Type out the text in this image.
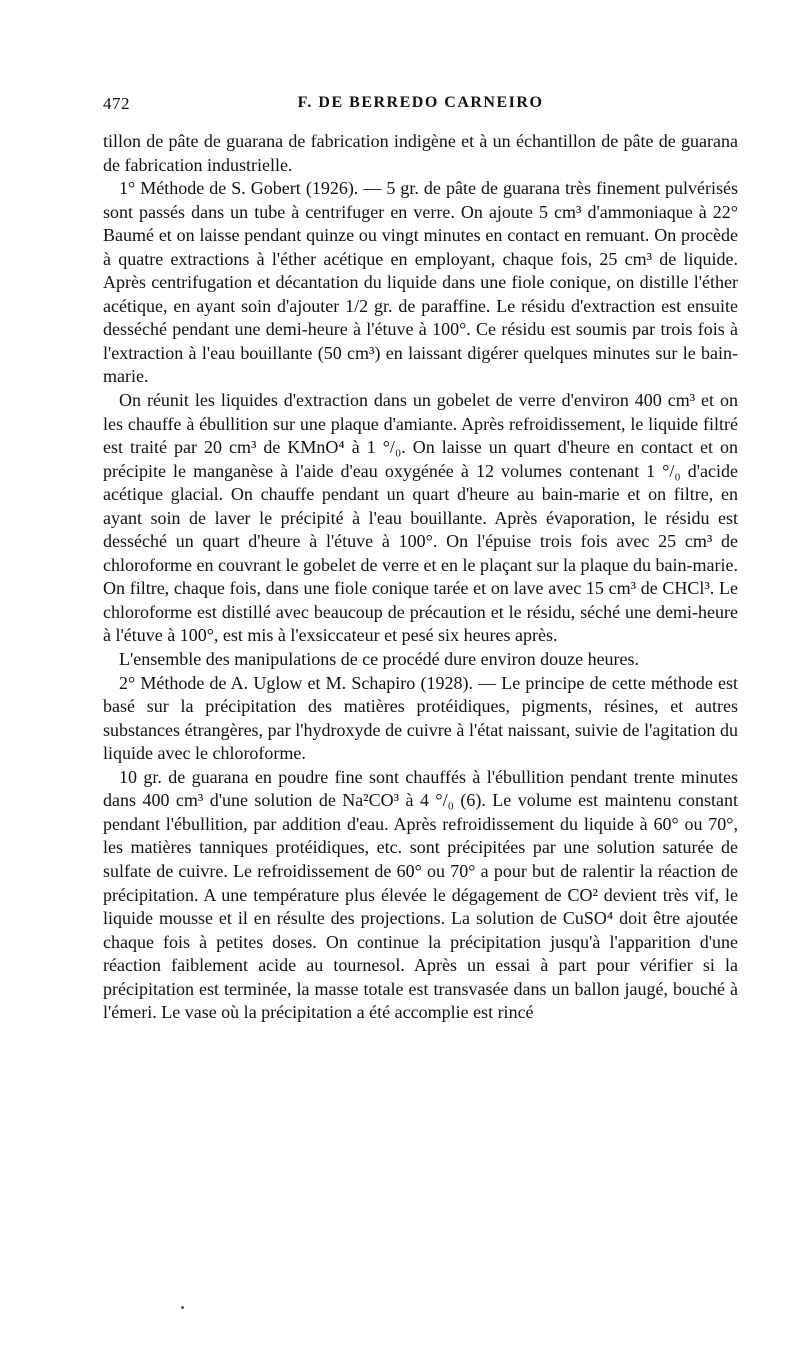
472	F. DE BERREDO CARNEIRO

tillon de pâte de guarana de fabrication indigène et à un échantillon de pâte de guarana de fabrication industrielle.

1° Méthode de S. Gobert (1926). — 5 gr. de pâte de guarana très finement pulvérisés sont passés dans un tube à centrifuger en verre. On ajoute 5 cm³ d'ammoniaque à 22° Baumé et on laisse pendant quinze ou vingt minutes en contact en remuant. On procède à quatre extractions à l'éther acétique en employant, chaque fois, 25 cm³ de liquide. Après centrifugation et décantation du liquide dans une fiole conique, on distille l'éther acétique, en ayant soin d'ajouter 1/2 gr. de paraffine. Le résidu d'extraction est ensuite desséché pendant une demi-heure à l'étuve à 100°. Ce résidu est soumis par trois fois à l'extraction à l'eau bouillante (50 cm³) en laissant digérer quelques minutes sur le bain-marie.

On réunit les liquides d'extraction dans un gobelet de verre d'environ 400 cm³ et on les chauffe à ébullition sur une plaque d'amiante. Après refroidissement, le liquide filtré est traité par 20 cm³ de KMnO⁴ à 1 °/₀. On laisse un quart d'heure en contact et on précipite le manganèse à l'aide d'eau oxygénée à 12 volumes contenant 1 °/₀ d'acide acétique glacial. On chauffe pendant un quart d'heure au bain-marie et on filtre, en ayant soin de laver le précipité à l'eau bouillante. Après évaporation, le résidu est desséché un quart d'heure à l'étuve à 100°. On l'épuise trois fois avec 25 cm³ de chloroforme en couvrant le gobelet de verre et en le plaçant sur la plaque du bain-marie. On filtre, chaque fois, dans une fiole conique tarée et on lave avec 15 cm³ de CHCl³. Le chloroforme est distillé avec beaucoup de précaution et le résidu, séché une demi-heure à l'étuve à 100°, est mis à l'exsiccateur et pesé six heures après.

L'ensemble des manipulations de ce procédé dure environ douze heures.

2° Méthode de A. Uglow et M. Schapiro (1928). — Le principe de cette méthode est basé sur la précipitation des matières protéidiques, pigments, résines, et autres substances étrangères, par l'hydroxyde de cuivre à l'état naissant, suivie de l'agitation du liquide avec le chloroforme.

10 gr. de guarana en poudre fine sont chauffés à l'ébullition pendant trente minutes dans 400 cm³ d'une solution de Na²CO³ à 4 °/₀ (6). Le volume est maintenu constant pendant l'ébullition, par addition d'eau. Après refroidissement du liquide à 60° ou 70°, les matières tanniques protéidiques, etc. sont précipitées par une solution saturée de sulfate de cuivre. Le refroidissement de 60° ou 70° a pour but de ralentir la réaction de précipitation. A une température plus élevée le dégagement de CO² devient très vif, le liquide mousse et il en résulte des projections. La solution de CuSO⁴ doit être ajoutée chaque fois à petites doses. On continue la précipitation jusqu'à l'apparition d'une réaction faiblement acide au tournesol. Après un essai à part pour vérifier si la précipitation est terminée, la masse totale est transvasée dans un ballon jaugé, bouché à l'émeri. Le vase où la précipitation a été accomplie est rincé
